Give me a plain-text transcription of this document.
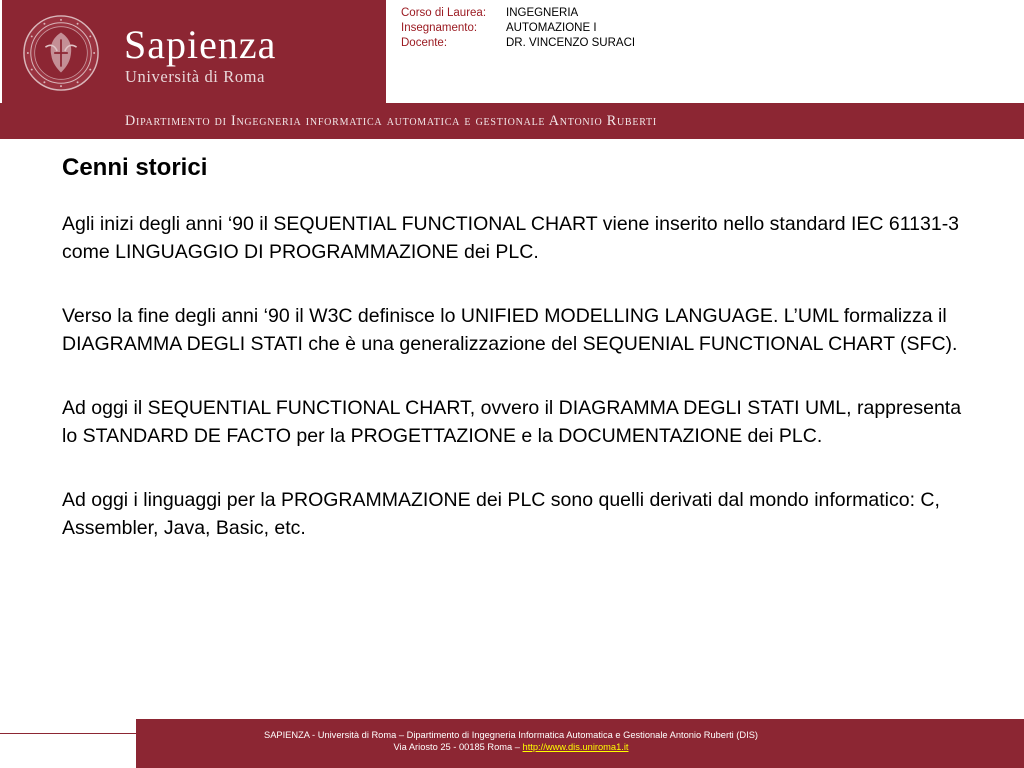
Sapienza
Università di Roma
Corso di Laurea:	INGEGNERIA
Insegnamento:	AUTOMAZIONE I
Docente:	DR. VINCENZO SURACI
Dipartimento di Ingegneria informatica automatica e gestionale Antonio Ruberti
Cenni storici

Agli inizi degli anni ‘90 il SEQUENTIAL FUNCTIONAL CHART viene inserito nello standard IEC 61131-3 come LINGUAGGIO DI PROGRAMMAZIONE dei PLC.

Verso la fine degli anni ‘90 il W3C definisce lo UNIFIED MODELLING LANGUAGE. L’UML formalizza il DIAGRAMMA DEGLI STATI che è una generalizzazione del SEQUENIAL FUNCTIONAL CHART (SFC).

Ad oggi il SEQUENTIAL FUNCTIONAL CHART, ovvero il DIAGRAMMA DEGLI STATI UML, rappresenta lo STANDARD DE FACTO per la PROGETTAZIONE e la DOCUMENTAZIONE dei PLC.

Ad oggi i linguaggi per la PROGRAMMAZIONE dei PLC sono quelli derivati dal mondo informatico: C, Assembler, Java, Basic, etc.

SAPIENZA - Università di Roma – Dipartimento di Ingegneria Informatica Automatica e Gestionale Antonio Ruberti (DIS)
Via Ariosto 25 - 00185 Roma – http://www.dis.uniroma1.it
